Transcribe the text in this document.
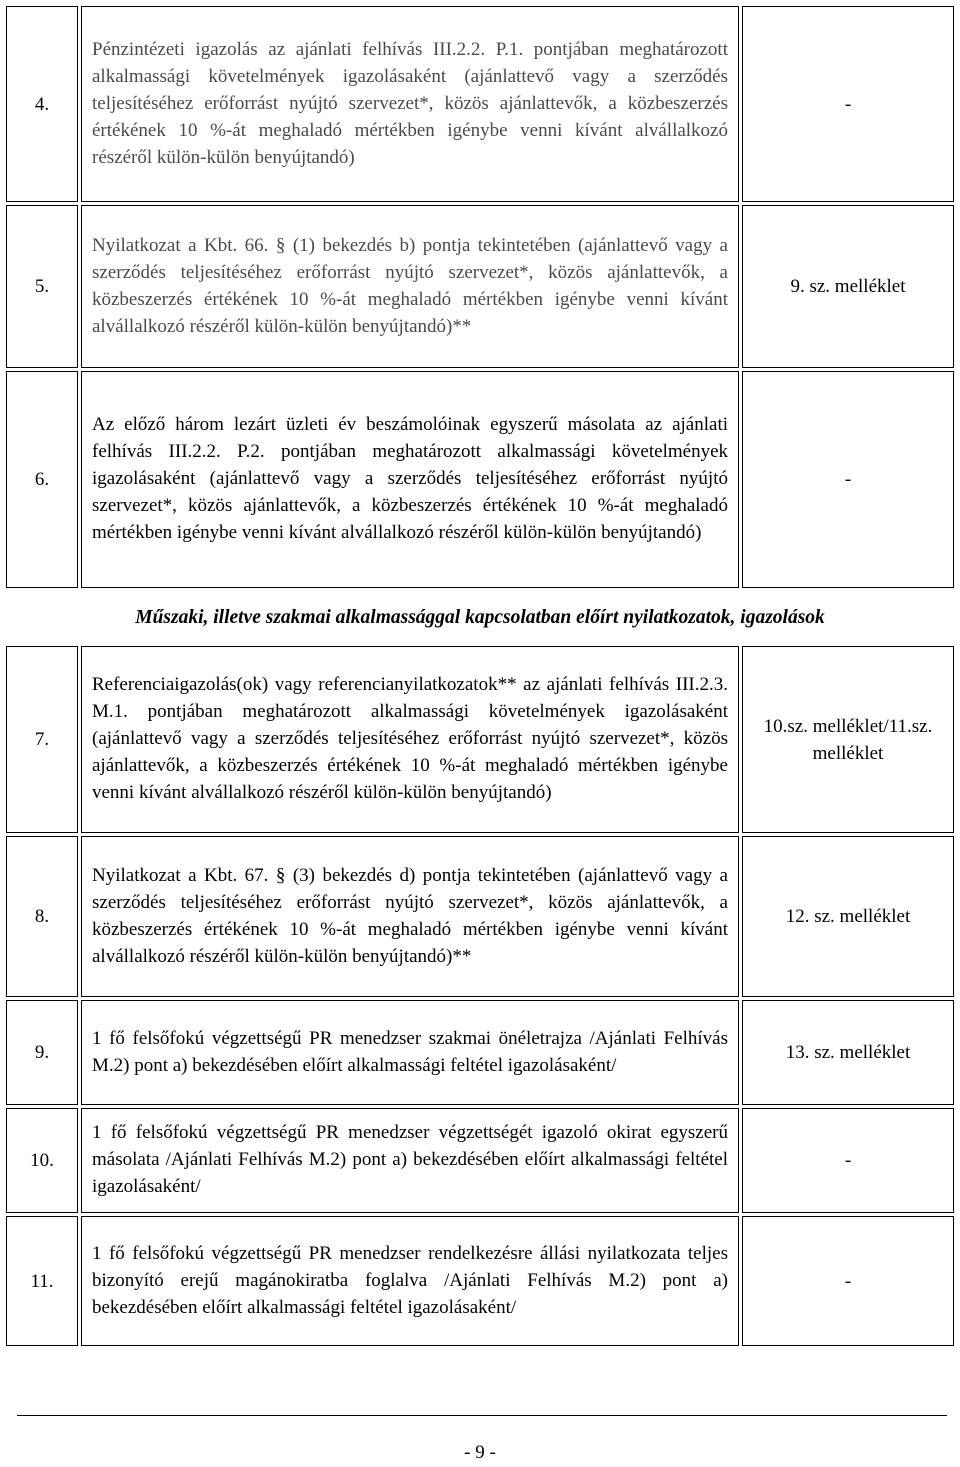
4.	Pénzintézeti igazolás az ajánlati felhívás III.2.2. P.1. pontjában meghatározott alkalmassági követelmények igazolásaként (ajánlattevő vagy a szerződés teljesítéséhez erőforrást nyújtó szervezet*, közös ajánlattevők, a közbeszerzés értékének 10 %-át meghaladó mértékben igénybe venni kívánt alvállalkozó részéről külön-külön benyújtandó)	-
5.	Nyilatkozat a Kbt. 66. § (1) bekezdés b) pontja tekintetében (ajánlattevő vagy a szerződés teljesítéséhez erőforrást nyújtó szervezet*, közös ajánlattevők, a közbeszerzés értékének 10 %-át meghaladó mértékben igénybe venni kívánt alvállalkozó részéről külön-külön benyújtandó)**	9. sz. melléklet
6.	Az előző három lezárt üzleti év beszámolóinak egyszerű másolata az ajánlati felhívás III.2.2. P.2. pontjában meghatározott alkalmassági követelmények igazolásaként (ajánlattevő vagy a szerződés teljesítéséhez erőforrást nyújtó szervezet*, közös ajánlattevők, a közbeszerzés értékének 10 %-át meghaladó mértékben igénybe venni kívánt alvállalkozó részéről külön-külön benyújtandó)	-
Műszaki, illetve szakmai alkalmassággal kapcsolatban előírt nyilatkozatok, igazolások
7.	Referenciaigazolás(ok) vagy referencianyilatkozatok** az ajánlati felhívás III.2.3. M.1. pontjában meghatározott alkalmassági követelmények igazolásaként (ajánlattevő vagy a szerződés teljesítéséhez erőforrást nyújtó szervezet*, közös ajánlattevők, a közbeszerzés értékének 10 %-át meghaladó mértékben igénybe venni kívánt alvállalkozó részéről külön-külön benyújtandó)	10.sz. melléklet/11.sz. melléklet
8.	Nyilatkozat a Kbt. 67. § (3) bekezdés d) pontja tekintetében (ajánlattevő vagy a szerződés teljesítéséhez erőforrást nyújtó szervezet*, közös ajánlattevők, a közbeszerzés értékének 10 %-át meghaladó mértékben igénybe venni kívánt alvállalkozó részéről külön-külön benyújtandó)**	12. sz. melléklet
9.	1 fő felsőfokú végzettségű PR menedzser szakmai önéletrajza /Ajánlati Felhívás M.2) pont a) bekezdésében előírt alkalmassági feltétel igazolásaként/	13. sz. melléklet
10.	1 fő felsőfokú végzettségű PR menedzser végzettségét igazoló okirat egyszerű másolata /Ajánlati Felhívás M.2) pont a) bekezdésében előírt alkalmassági feltétel igazolásaként/	-
11.	1 fő felsőfokú végzettségű PR menedzser rendelkezésre állási nyilatkozata teljes bizonyító erejű magánokiratba foglalva /Ajánlati Felhívás M.2) pont a) bekezdésében előírt alkalmassági feltétel igazolásaként/	-
- 9 -
